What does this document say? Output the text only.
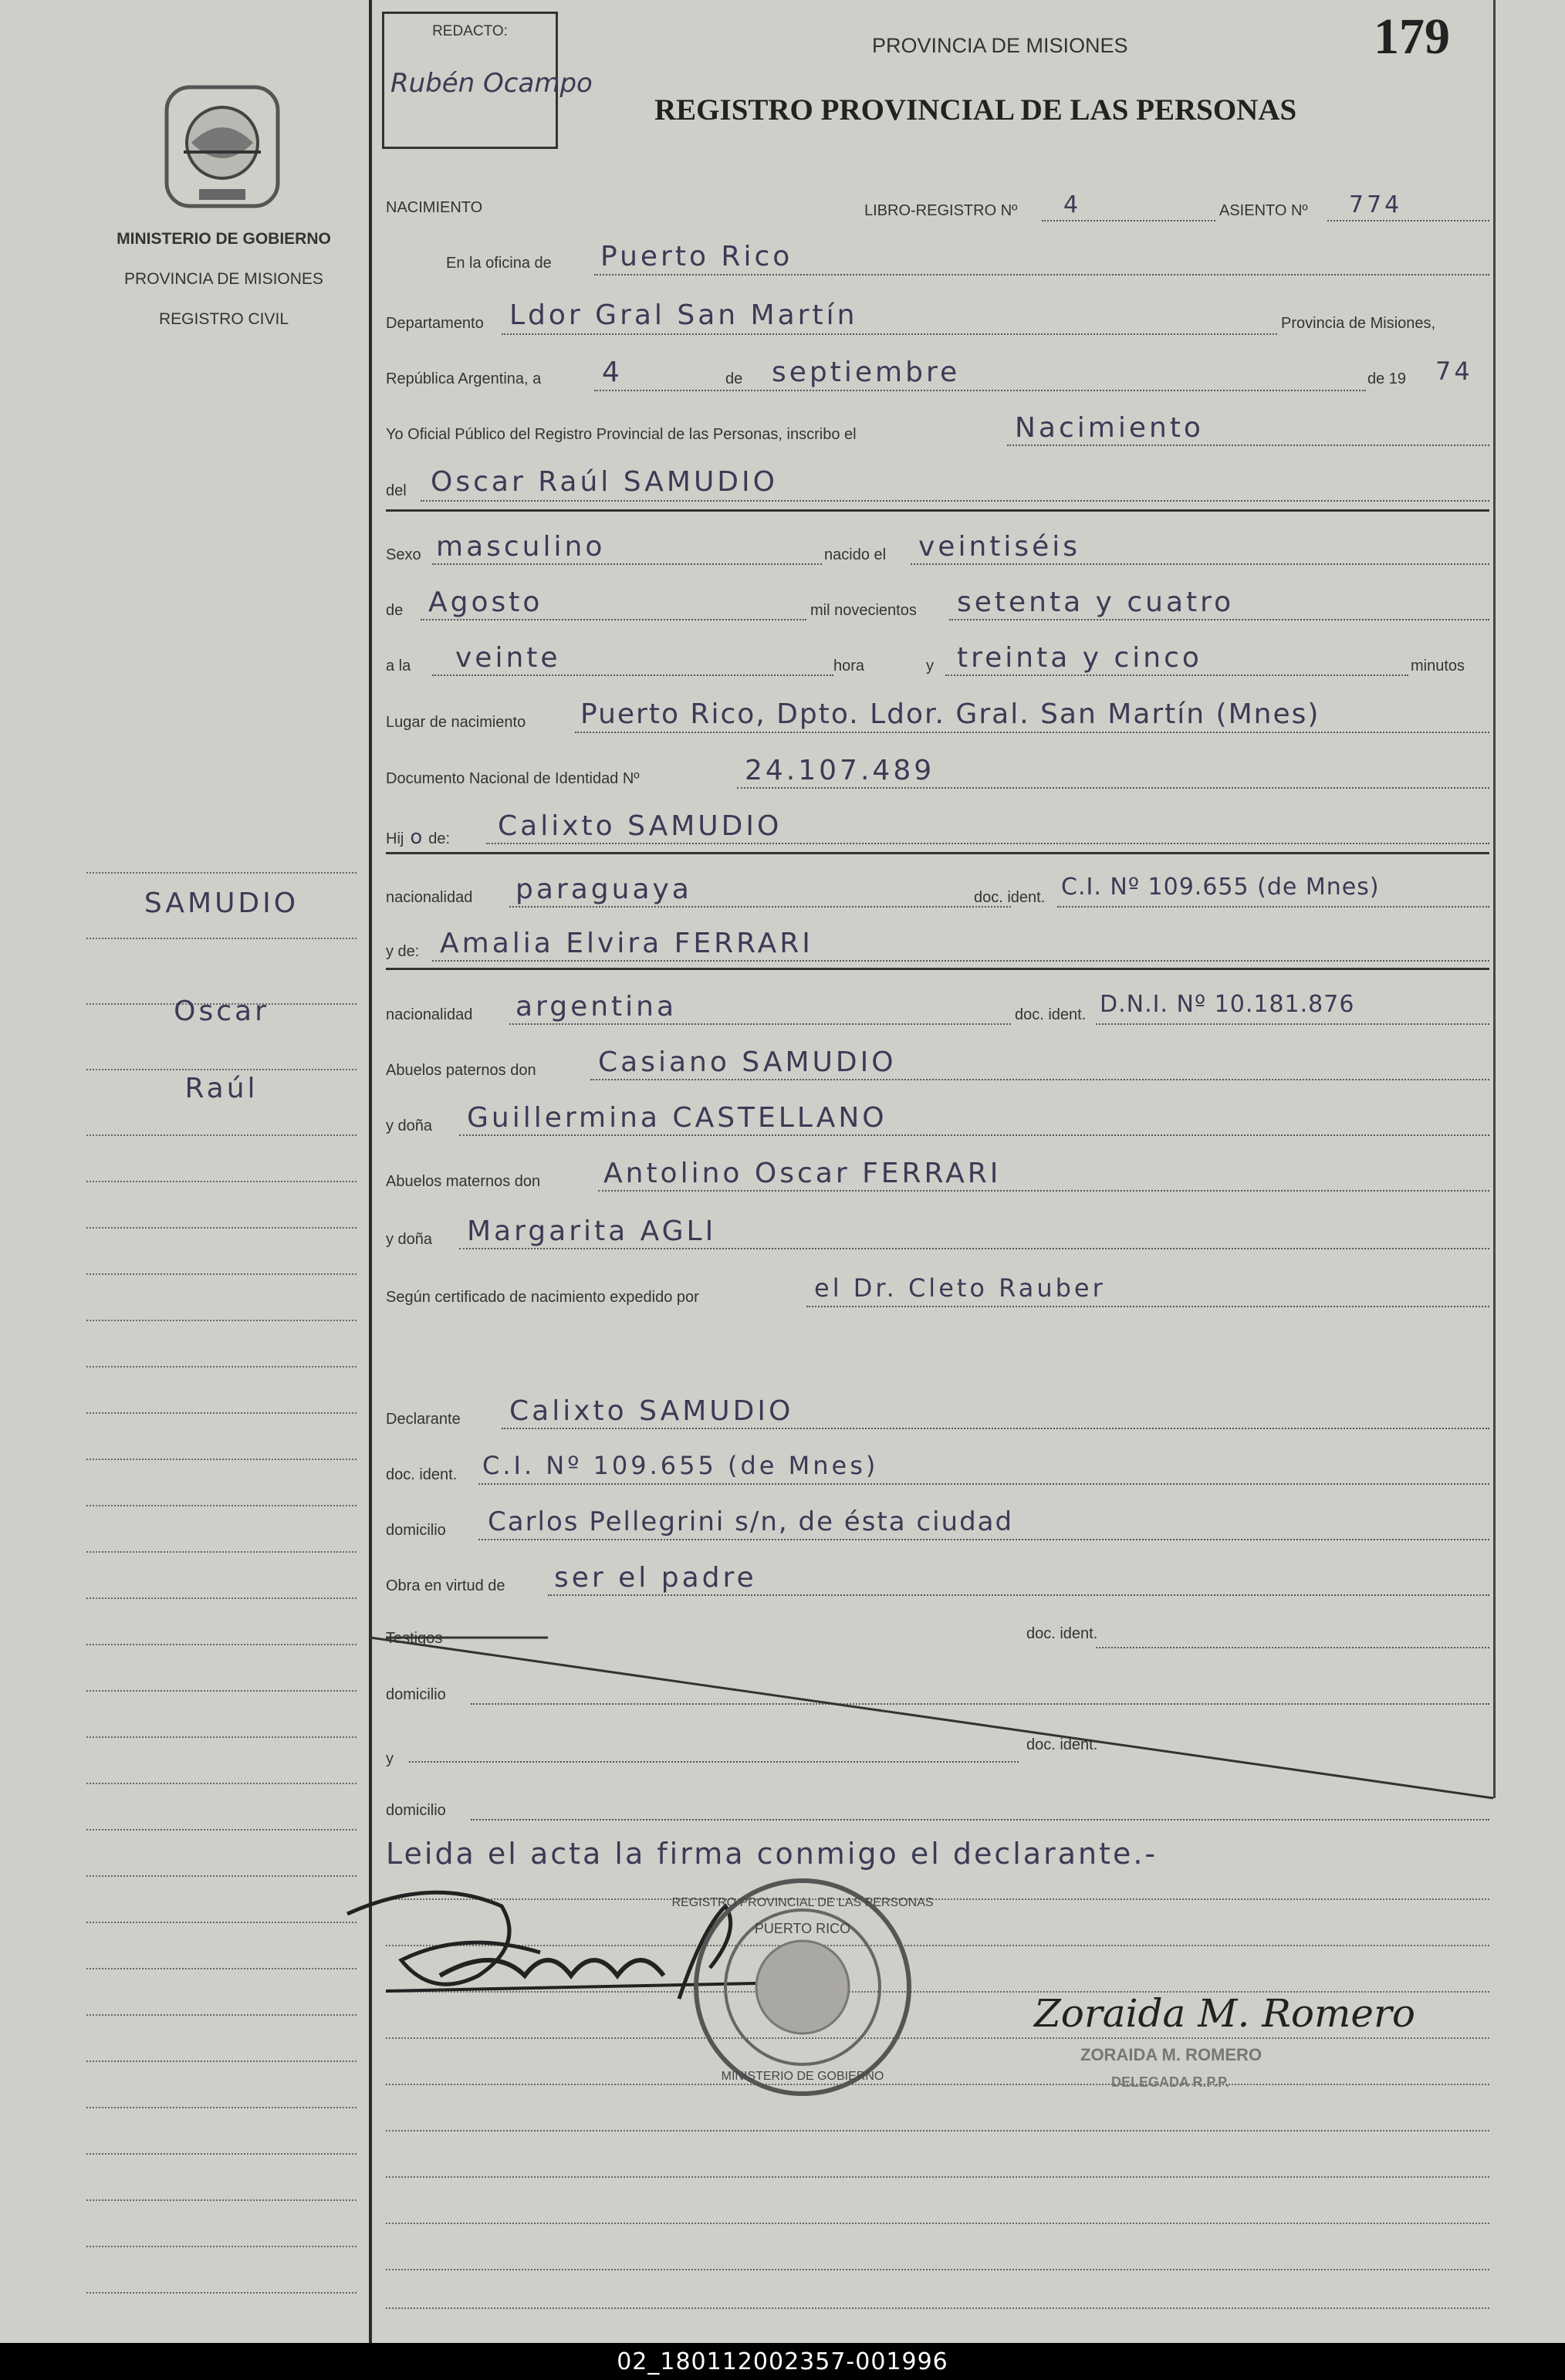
MINISTERIO DE GOBIERNO
PROVINCIA DE MISIONES
REGISTRO CIVIL
SAMUDIO
Oscar
Raúl
REDACTO:
Rubén Ocampo
PROVINCIA DE MISIONES	179
REGISTRO PROVINCIAL DE LAS PERSONAS
NACIMIENTO	LIBRO-REGISTRO Nº 4	ASIENTO Nº 774
En la oficina de Puerto Rico
Departamento Ldor Gral San Martín	Provincia de Misiones,
República Argentina, a 4	de septiembre	de 19 74
Yo Oficial Público del Registro Provincial de las Personas, inscribo el	Nacimiento
del Oscar Raúl SAMUDIO
Sexo masculino	nacido el veintiséis
de Agosto	mil novecientos setenta y cuatro
a la veinte	hora	y treinta y cinco	minutos
Lugar de nacimiento Puerto Rico, Dpto. Ldor. Gral. San Martín (Mnes)
Documento Nacional de Identidad Nº	24.107.489
Hij o de: Calixto SAMUDIO
nacionalidad paraguaya	doc. ident. C.I. Nº 109.655 (de Mnes)
y de: Amalia Elvira FERRARI
nacionalidad argentina	doc. ident. D.N.I. Nº 10.181.876
Abuelos paternos don Casiano SAMUDIO
y doña Guillermina CASTELLANO
Abuelos maternos don Antolino Oscar FERRARI
y doña Margarita AGLI
Según certificado de nacimiento expedido por	el Dr. Cleto Rauber
Declarante Calixto SAMUDIO
doc. ident. C.I. Nº 109.655 (de Mnes)
domicilio Carlos Pellegrini s/n, de ésta ciudad
Obra en virtud de ser el padre
Testigos	doc. ident.
domicilio
y
doc. ident.
domicilio
Leida el acta la firma conmigo el declarante.-
REGISTRO PROVINCIAL DE LAS PERSONAS
PUERTO RICO
MINISTERIO DE GOBIERNO
Zoraida M. Romero
ZORAIDA M. ROMERO
DELEGADA R.P.P.
02_180112002357-001996
